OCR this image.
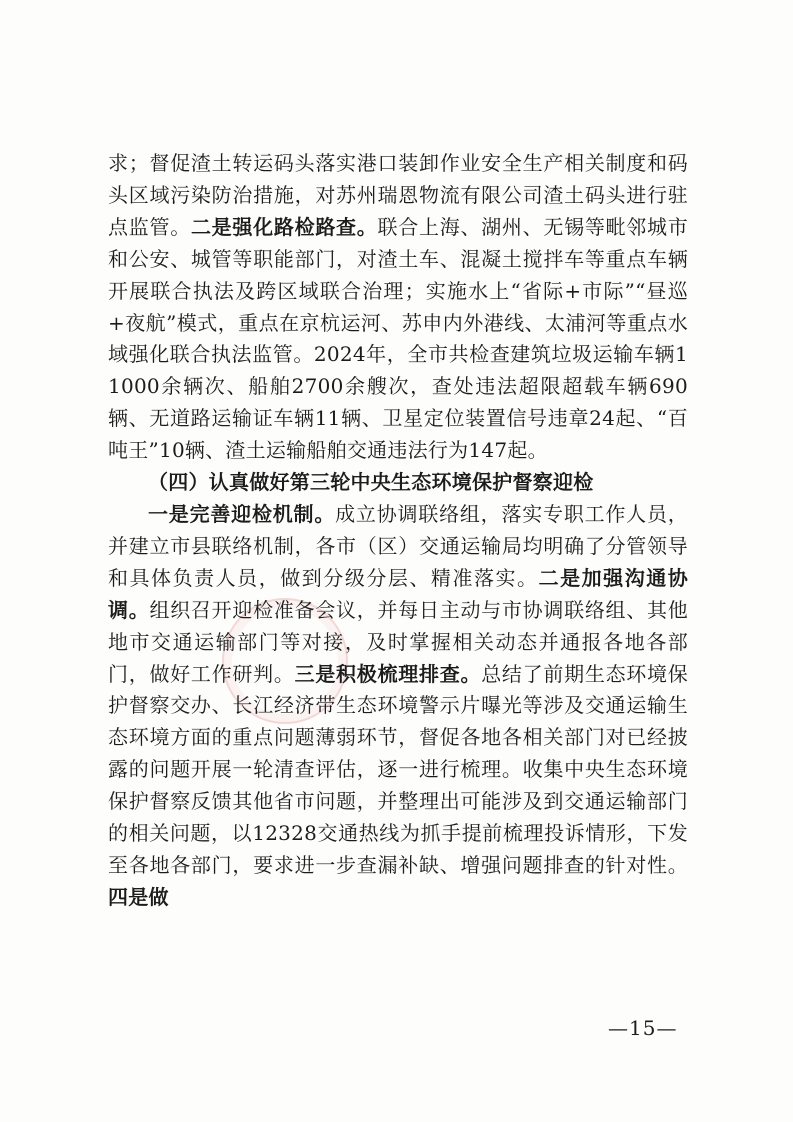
求；督促渣土转运码头落实港口装卸作业安全生产相关制度和码头区域污染防治措施，对苏州瑞恩物流有限公司渣土码头进行驻点监管。二是强化路检路查。联合上海、湖州、无锡等毗邻城市和公安、城管等职能部门，对渣土车、混凝土搅拌车等重点车辆开展联合执法及跨区域联合治理；实施水上“省际+市际”“昼巡+夜航”模式，重点在京杭运河、苏申内外港线、太浦河等重点水域强化联合执法监管。2024年，全市共检查建筑垃圾运输车辆11000余辆次、船舶2700余艘次，查处违法超限超载车辆690辆、无道路运输证车辆11辆、卫星定位装置信号违章24起、“百吨王”10辆、渣土运输船舶交通违法行为147起。

（四）认真做好第三轮中央生态环境保护督察迎检

一是完善迎检机制。成立协调联络组，落实专职工作人员，并建立市县联络机制，各市（区）交通运输局均明确了分管领导和具体负责人员，做到分级分层、精准落实。二是加强沟通协调。组织召开迎检准备会议，并每日主动与市协调联络组、其他地市交通运输部门等对接，及时掌握相关动态并通报各地各部门，做好工作研判。三是积极梳理排查。总结了前期生态环境保护督察交办、长江经济带生态环境警示片曝光等涉及交通运输生态环境方面的重点问题薄弱环节，督促各地各相关部门对已经披露的问题开展一轮清查评估，逐一进行梳理。收集中央生态环境保护督察反馈其他省市问题，并整理出可能涉及到交通运输部门的相关问题，以12328交通热线为抓手提前梳理投诉情形，下发至各地各部门，要求进一步查漏补缺、增强问题排查的针对性。四是做

—15—
